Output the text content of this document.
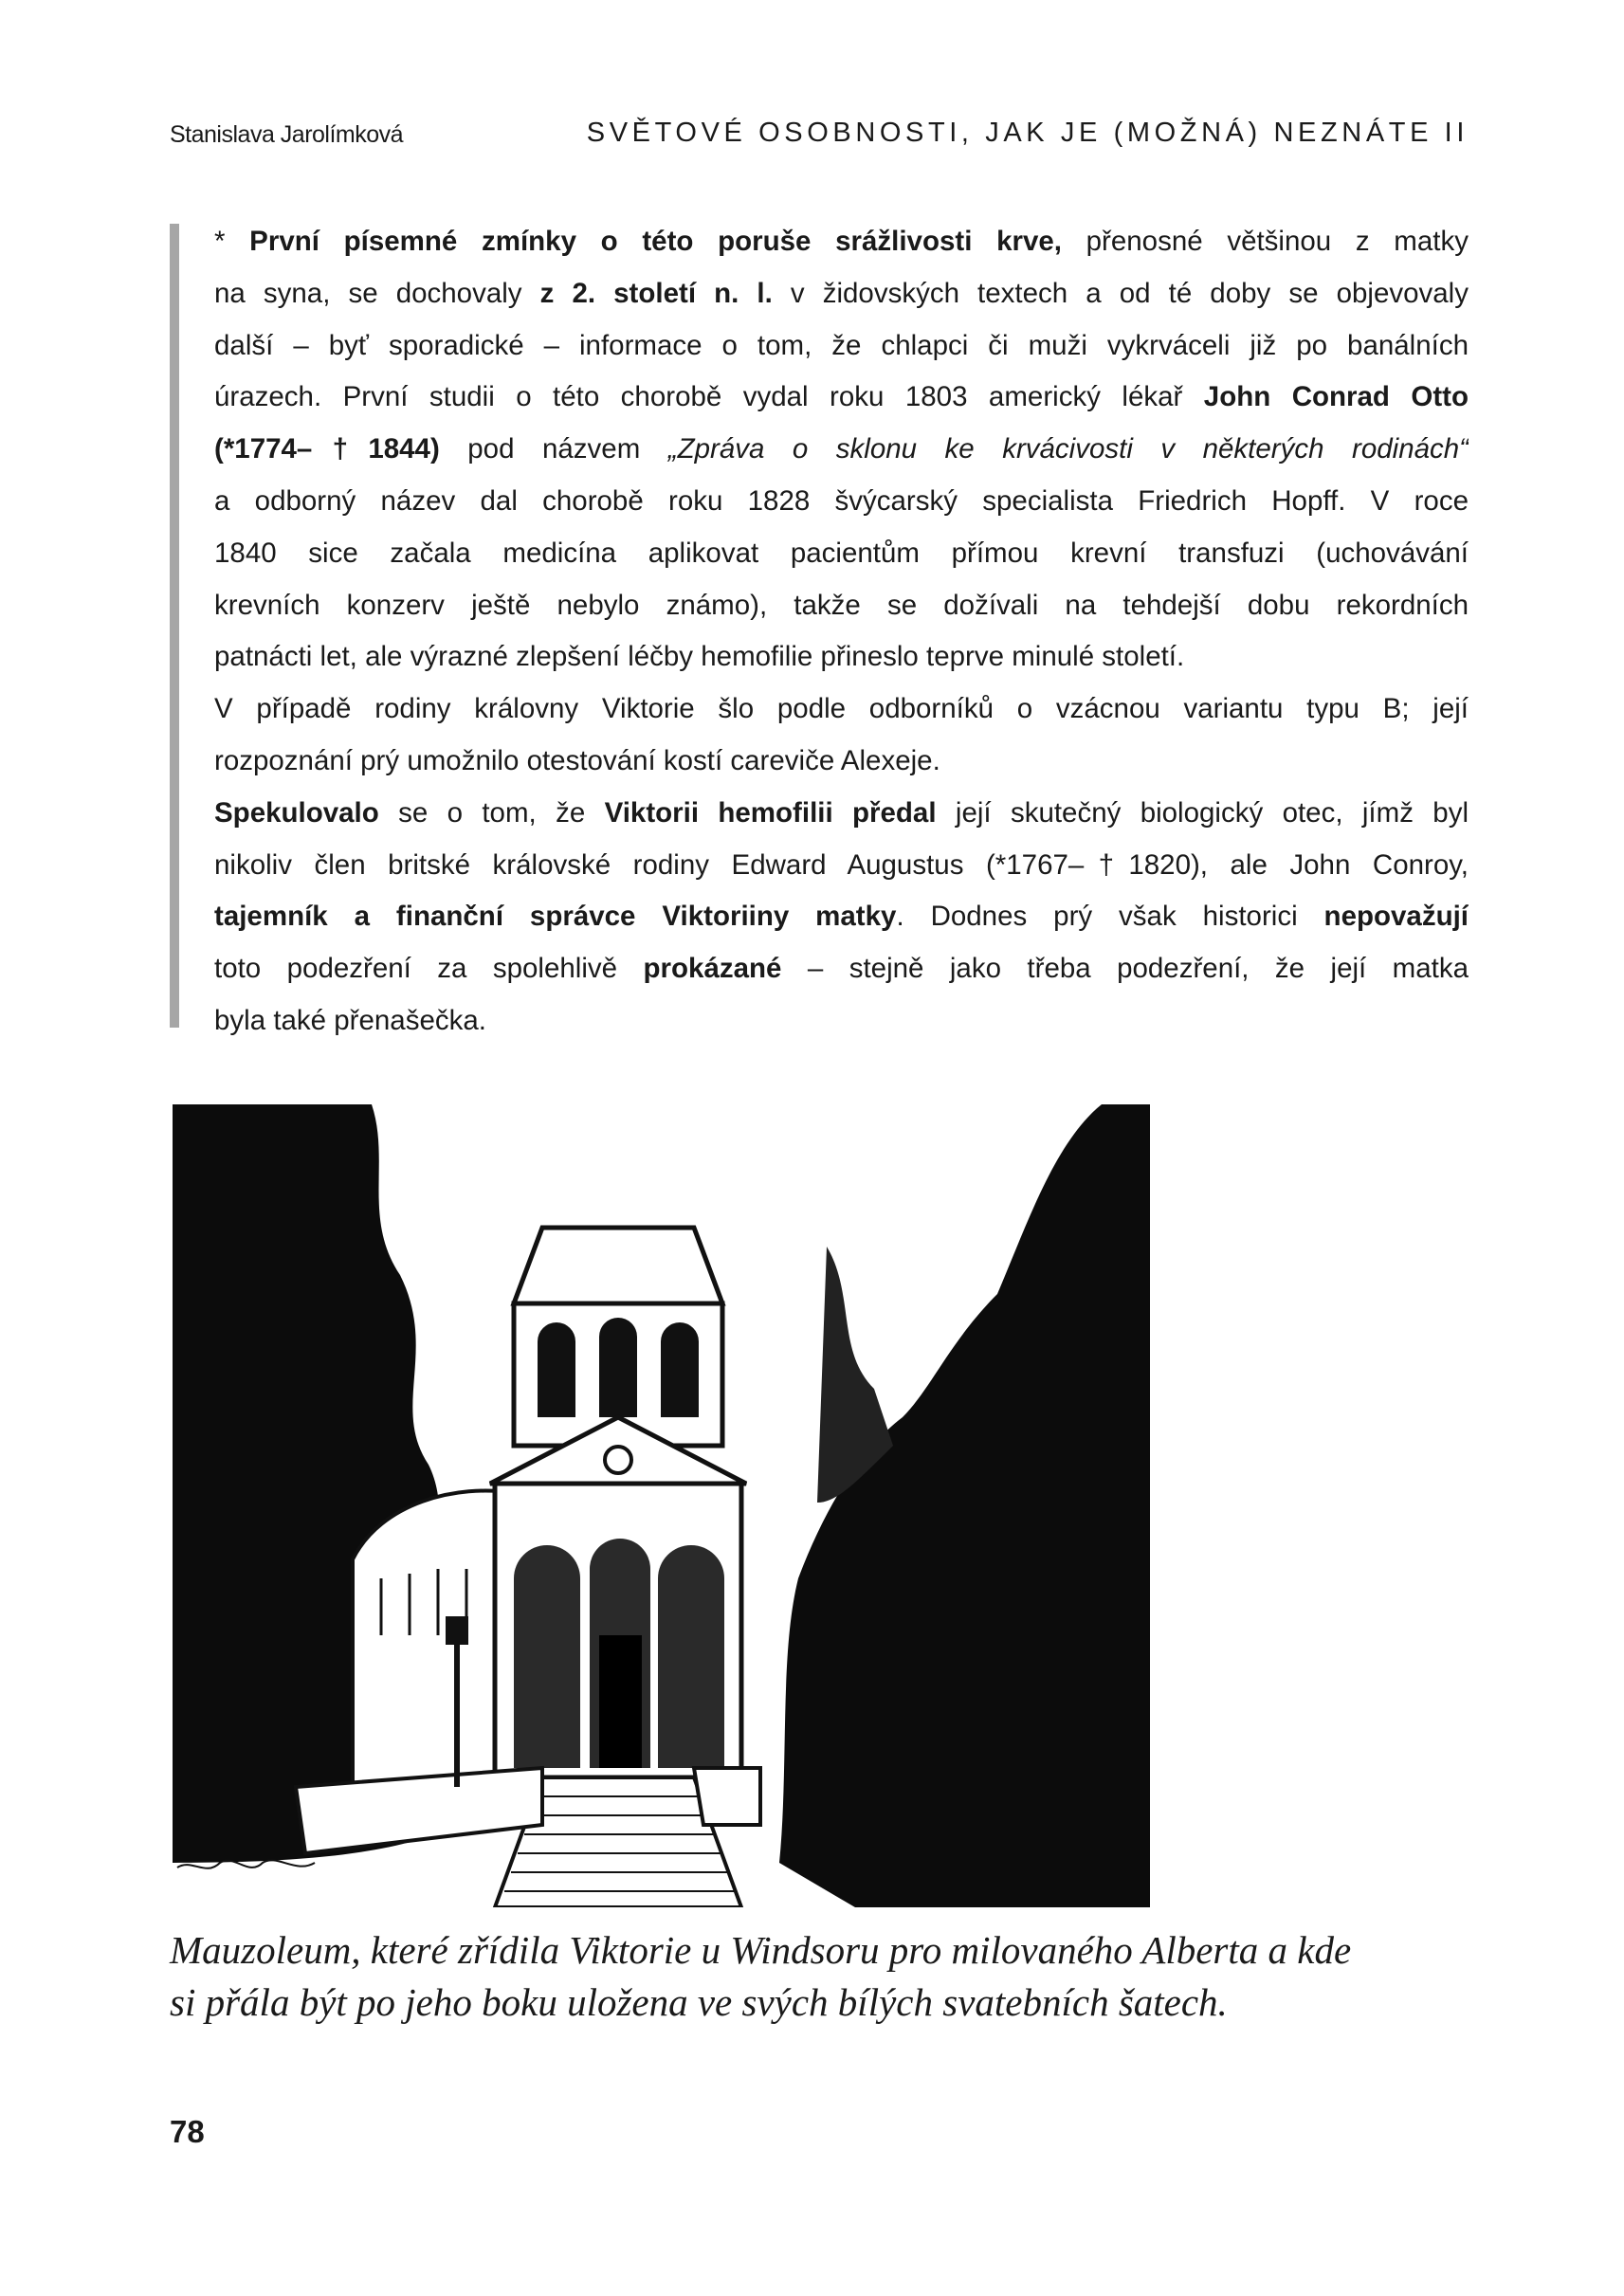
Stanislava Jarolímková	SVĚTOVÉ OSOBNOSTI, JAK JE (MOŽNÁ) NEZNÁTE II
* První písemné zmínky o této poruše srážlivosti krve, přenosné většinou z matky
na syna, se dochovaly z 2. století n. l. v židovských textech a od té doby se objevovaly
další – byť sporadické – informace o tom, že chlapci či muži vykrváceli již po banálních
úrazech. První studii o této chorobě vydal roku 1803 americký lékař John Conrad Otto
(*1774–†1844) pod názvem „Zpráva o sklonu ke krvácivosti v některých rodinách“
a odborný název dal chorobě roku 1828 švýcarský specialista Friedrich Hopff. V roce
1840 sice začala medicína aplikovat pacientům přímou krevní transfuzi (uchovávání
krevních konzerv ještě nebylo známo), takže se dožívali na tehdejší dobu rekordních
patnácti let, ale výrazné zlepšení léčby hemofilie přineslo teprve minulé století.
V případě rodiny královny Viktorie šlo podle odborníků o vzácnou variantu typu B; její
rozpoznání prý umožnilo otestování kostí careviče Alexeje.
Spekulovalo se o tom, že Viktorii hemofilii předal její skutečný biologický otec, jímž byl
nikoliv člen britské královské rodiny Edward Augustus (*1767–†1820), ale John Conroy,
tajemník a finanční správce Viktoriiny matky. Dodnes prý však historici nepovažují
toto podezření za spolehlivě prokázané – stejně jako třeba podezření, že její matka
byla také přenašečka.
Mauzoleum, které zřídila Viktorie u Windsoru pro milovaného Alberta a kde
si přála být po jeho boku uložena ve svých bílých svatebních šatech.
78
